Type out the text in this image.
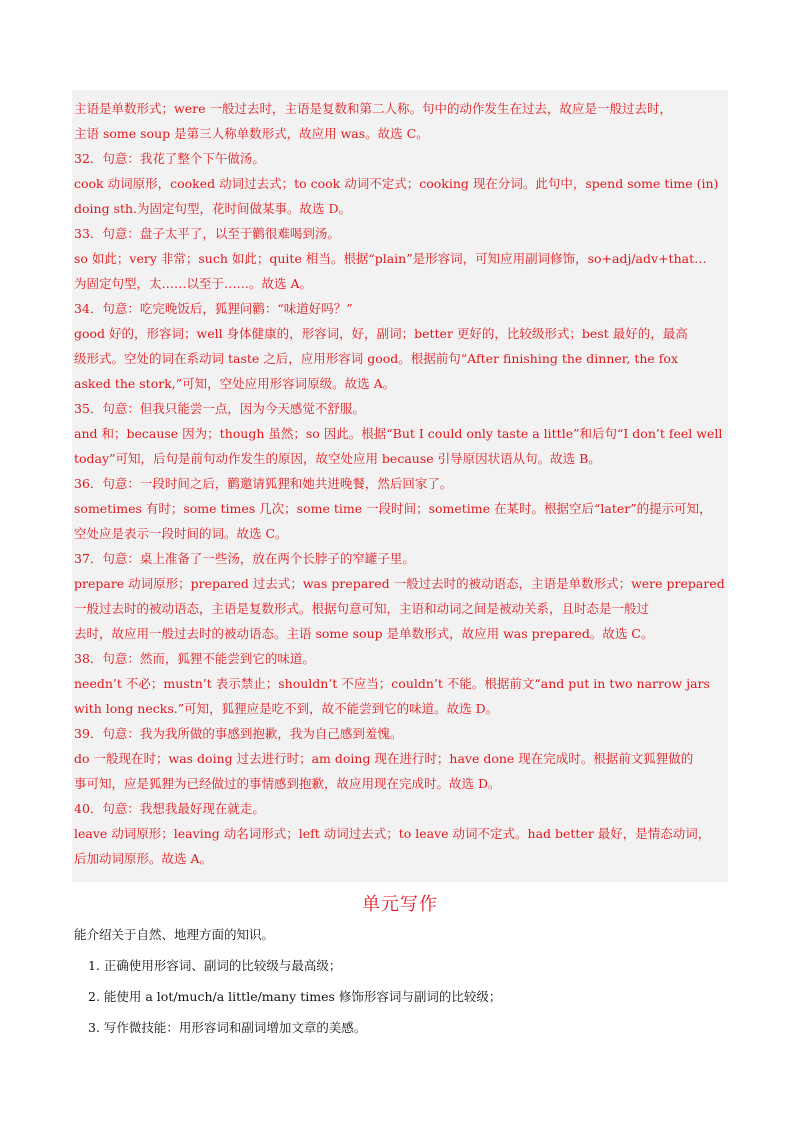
主语是单数形式；were 一般过去时，主语是复数和第二人称。句中的动作发生在过去，故应是一般过去时，
主语 some soup 是第三人称单数形式，故应用 was。故选 C。
32．句意：我花了整个下午做汤。
cook 动词原形，cooked 动词过去式；to cook 动词不定式；cooking 现在分词。此句中，spend some time (in)
doing sth.为固定句型，花时间做某事。故选 D。
33．句意：盘子太平了，以至于鹳很难喝到汤。
so 如此；very 非常；such 如此；quite 相当。根据“plain”是形容词，可知应用副词修饰，so+adj/adv+that…
为固定句型，太……以至于……。故选 A。
34．句意：吃完晚饭后，狐狸问鹳：“味道好吗？”
good 好的，形容词；well 身体健康的，形容词，好，副词；better 更好的，比较级形式；best 最好的，最高
级形式。空处的词在系动词 taste 之后，应用形容词 good。根据前句“After finishing the dinner, the fox
asked the stork,”可知，空处应用形容词原级。故选 A。
35．句意：但我只能尝一点，因为今天感觉不舒服。
and 和；because 因为；though 虽然；so 因此。根据“But I could only taste a little”和后句“I don’t feel well
today”可知，后句是前句动作发生的原因，故空处应用 because 引导原因状语从句。故选 B。
36．句意：一段时间之后，鹳邀请狐狸和她共进晚餐，然后回家了。
sometimes 有时；some times 几次；some time 一段时间；sometime 在某时。根据空后“later”的提示可知，
空处应是表示一段时间的词。故选 C。
37．句意：桌上准备了一些汤，放在两个长脖子的窄罐子里。
prepare 动词原形；prepared 过去式；was prepared 一般过去时的被动语态，主语是单数形式；were prepared
一般过去时的被动语态，主语是复数形式。根据句意可知，主语和动词之间是被动关系，且时态是一般过
去时，故应用一般过去时的被动语态。主语 some soup 是单数形式，故应用 was prepared。故选 C。
38．句意：然而，狐狸不能尝到它的味道。
needn’t 不必；mustn’t 表示禁止；shouldn’t 不应当；couldn’t 不能。根据前文“and put in two narrow jars
with long necks.”可知，狐狸应是吃不到，故不能尝到它的味道。故选 D。
39．句意：我为我所做的事感到抱歉，我为自己感到羞愧。
do 一般现在时；was doing 过去进行时；am doing 现在进行时；have done 现在完成时。根据前文狐狸做的
事可知，应是狐狸为已经做过的事情感到抱歉，故应用现在完成时。故选 D。
40．句意：我想我最好现在就走。
leave 动词原形；leaving 动名词形式；left 动词过去式；to leave 动词不定式。had better 最好，是情态动词，
后加动词原形。故选 A。
单元写作
能介绍关于自然、地理方面的知识。
1. 正确使用形容词、副词的比较级与最高级；
2. 能使用 a lot/much/a little/many times 修饰形容词与副词的比较级；
3. 写作微技能：用形容词和副词增加文章的美感。
